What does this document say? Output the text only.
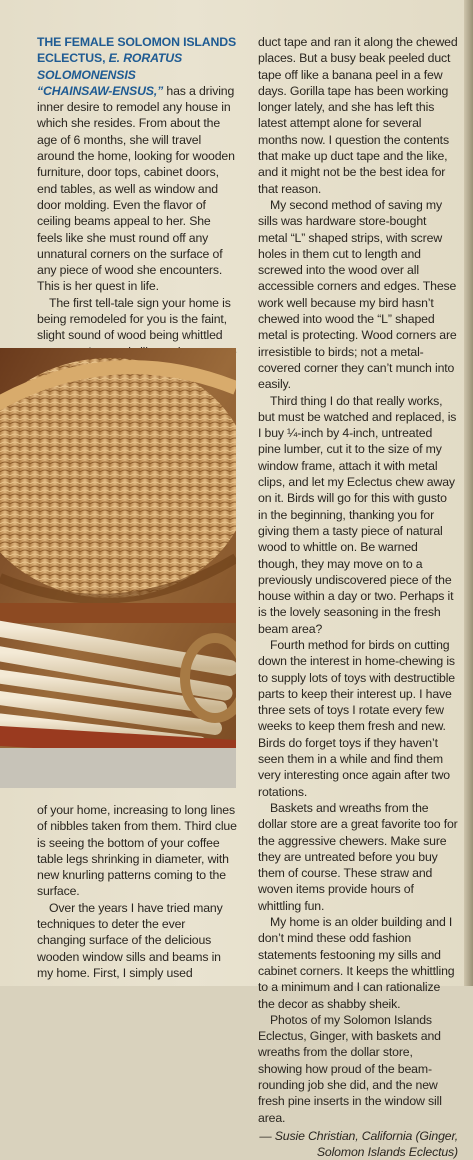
THE FEMALE SOLOMON ISLANDS ECLECTUS, E. RORATUS SOLOMONENSIS
“CHAINSAW-ENSUS,” has a driving inner desire to remodel any house in which she resides. From about the age of 6 months, she will travel around the home, looking for wooden furniture, door tops, cabinet doors, end tables, as well as window and door molding. Even the flavor of ceiling beams appeal to her. She feels like she must round off any unnatural corners on the surface of any piece of wood she encounters. This is her quest in life.

The first tell-tale sign your home is being remodeled for you is the faint, slight sound of wood being whittled

of your home, increasing to long lines of nibbles taken from them. Third clue is seeing the bottom of your coffee table legs shrinking in diameter, with new knurling patterns coming to the surface.

Over the years I have tried many techniques to deter the ever changing surface of the delicious wooden window sills and beams in my home. First, I simply used

duct tape and ran it along the chewed places. But a busy beak peeled duct tape off like a banana peel in a few days. Gorilla tape has been working longer lately, and she has left this latest attempt alone for several months now. I question the contents that make up duct tape and the like, and it might not be the best idea for that reason.

My second method of saving my sills was hardware store-bought metal “L” shaped strips, with screw holes in them cut to length and screwed into the wood over all accessible corners and edges. These work well because my bird hasn’t chewed into wood the “L” shaped metal is protecting. Wood corners are irresistible to birds; not a metal-covered corner they can’t munch into easily.

Third thing I do that really works, but must be watched and replaced, is I buy ¼-inch by 4-inch, untreated pine lumber, cut it to the size of my window frame, attach it with metal clips, and let my Eclectus chew away on it. Birds will go for this with gusto in the beginning, thanking you for giving them a tasty piece of natural wood to whittle on. Be warned though, they may move on to a previously undiscovered piece of the house within a day or two. Perhaps it is the lovely seasoning in the fresh beam area?

Fourth method for birds on cutting down the interest in home-chewing is to supply lots of toys with destructible parts to keep their interest up. I have three sets of toys I rotate every few weeks to keep them fresh and new. Birds do forget toys if they haven’t seen them in a while and find them very interesting once again after two rotations.

Baskets and wreaths from the dollar store are a great favorite too for the aggressive chewers. Make sure they are untreated before you buy them of course. These straw and woven items provide hours of whittling fun.

My home is an older building and I don’t mind these odd fashion statements festooning my sills and cabinet corners. It keeps the whittling to a minimum and I can rationalize the decor as shabby sheik.

Photos of my Solomon Islands Eclectus, Ginger, with baskets and wreaths from the dollar store, showing how proud of the beam-rounding job she did, and the new fresh pine inserts in the window sill area.

— Susie Christian, California (Ginger,
Solomon Islands Eclectus)
